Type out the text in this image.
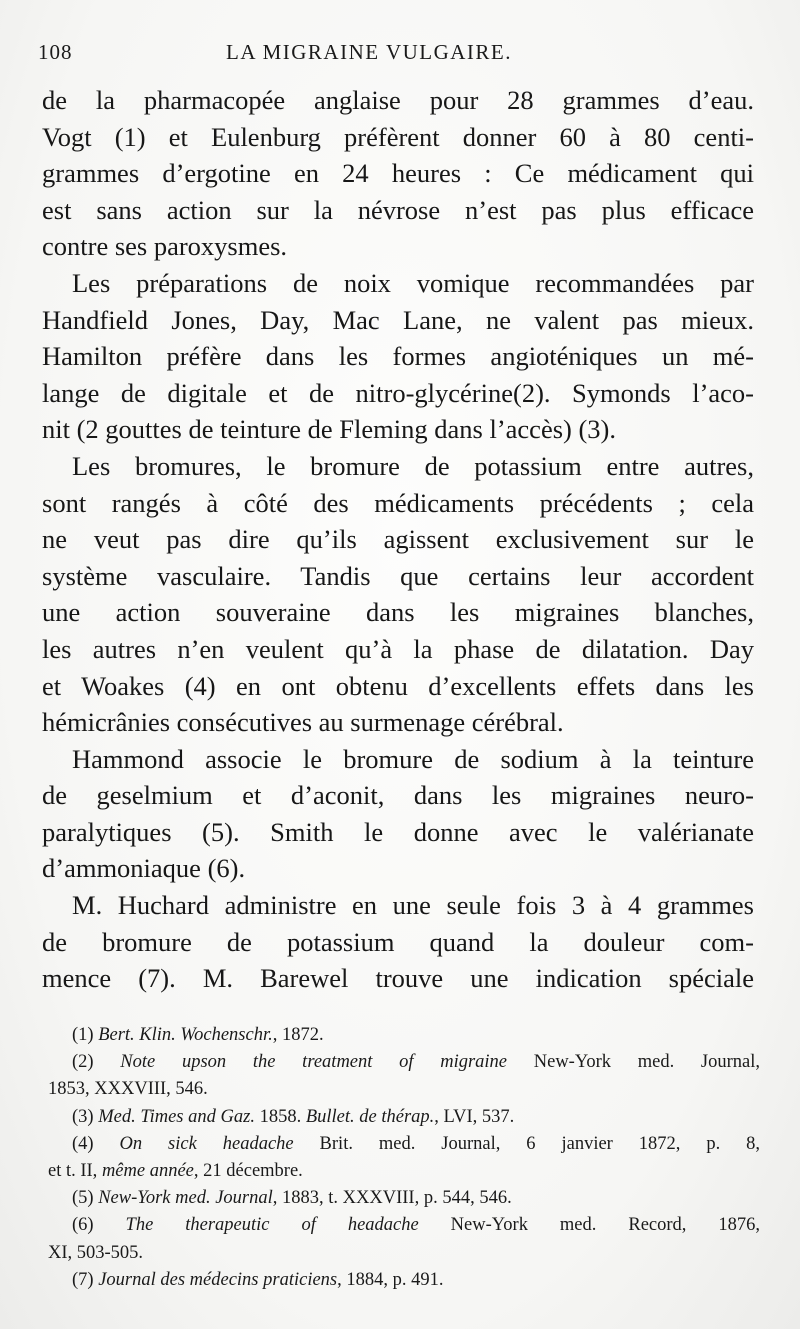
108	LA MIGRAINE VULGAIRE.
de la pharmacopée anglaise pour 28 grammes d’eau.
Vogt (1) et Eulenburg préfèrent donner 60 à 80 centi-
grammes d’ergotine en 24 heures : Ce médicament qui
est sans action sur la névrose n’est pas plus efficace
contre ses paroxysmes.
Les préparations de noix vomique recommandées par
Handfield Jones, Day, Mac Lane, ne valent pas mieux.
Hamilton préfère dans les formes angioténiques un mé-
lange de digitale et de nitro-glycérine(2). Symonds l’aco-
nit (2 gouttes de teinture de Fleming dans l’accès) (3).
Les bromures, le bromure de potassium entre autres,
sont rangés à côté des médicaments précédents ; cela
ne veut pas dire qu’ils agissent exclusivement sur le
système vasculaire. Tandis que certains leur accordent
une action souveraine dans les migraines blanches,
les autres n’en veulent qu’à la phase de dilatation. Day
et Woakes (4) en ont obtenu d’excellents effets dans les
hémicrânies consécutives au surmenage cérébral.
Hammond associe le bromure de sodium à la teinture
de geselmium et d’aconit, dans les migraines neuro-
paralytiques (5). Smith le donne avec le valérianate
d’ammoniaque (6).
M. Huchard administre en une seule fois 3 à 4 grammes
de bromure de potassium quand la douleur com-
mence (7). M. Barewel trouve une indication spéciale
(1) Bert. Klin. Wochenschr., 1872.
(2) Note upson the treatment of migraine New-York med. Journal,
1853, XXXVIII, 546.
(3) Med. Times and Gaz. 1858. Bullet. de thérap., LVI, 537.
(4) On sick headache Brit. med. Journal, 6 janvier 1872, p. 8,
et t. II, même année, 21 décembre.
(5) New-York med. Journal, 1883, t. XXXVIII, p. 544, 546.
(6) The therapeutic of headache New-York med. Record, 1876,
XI, 503-505.
(7) Journal des médecins praticiens, 1884, p. 491.
